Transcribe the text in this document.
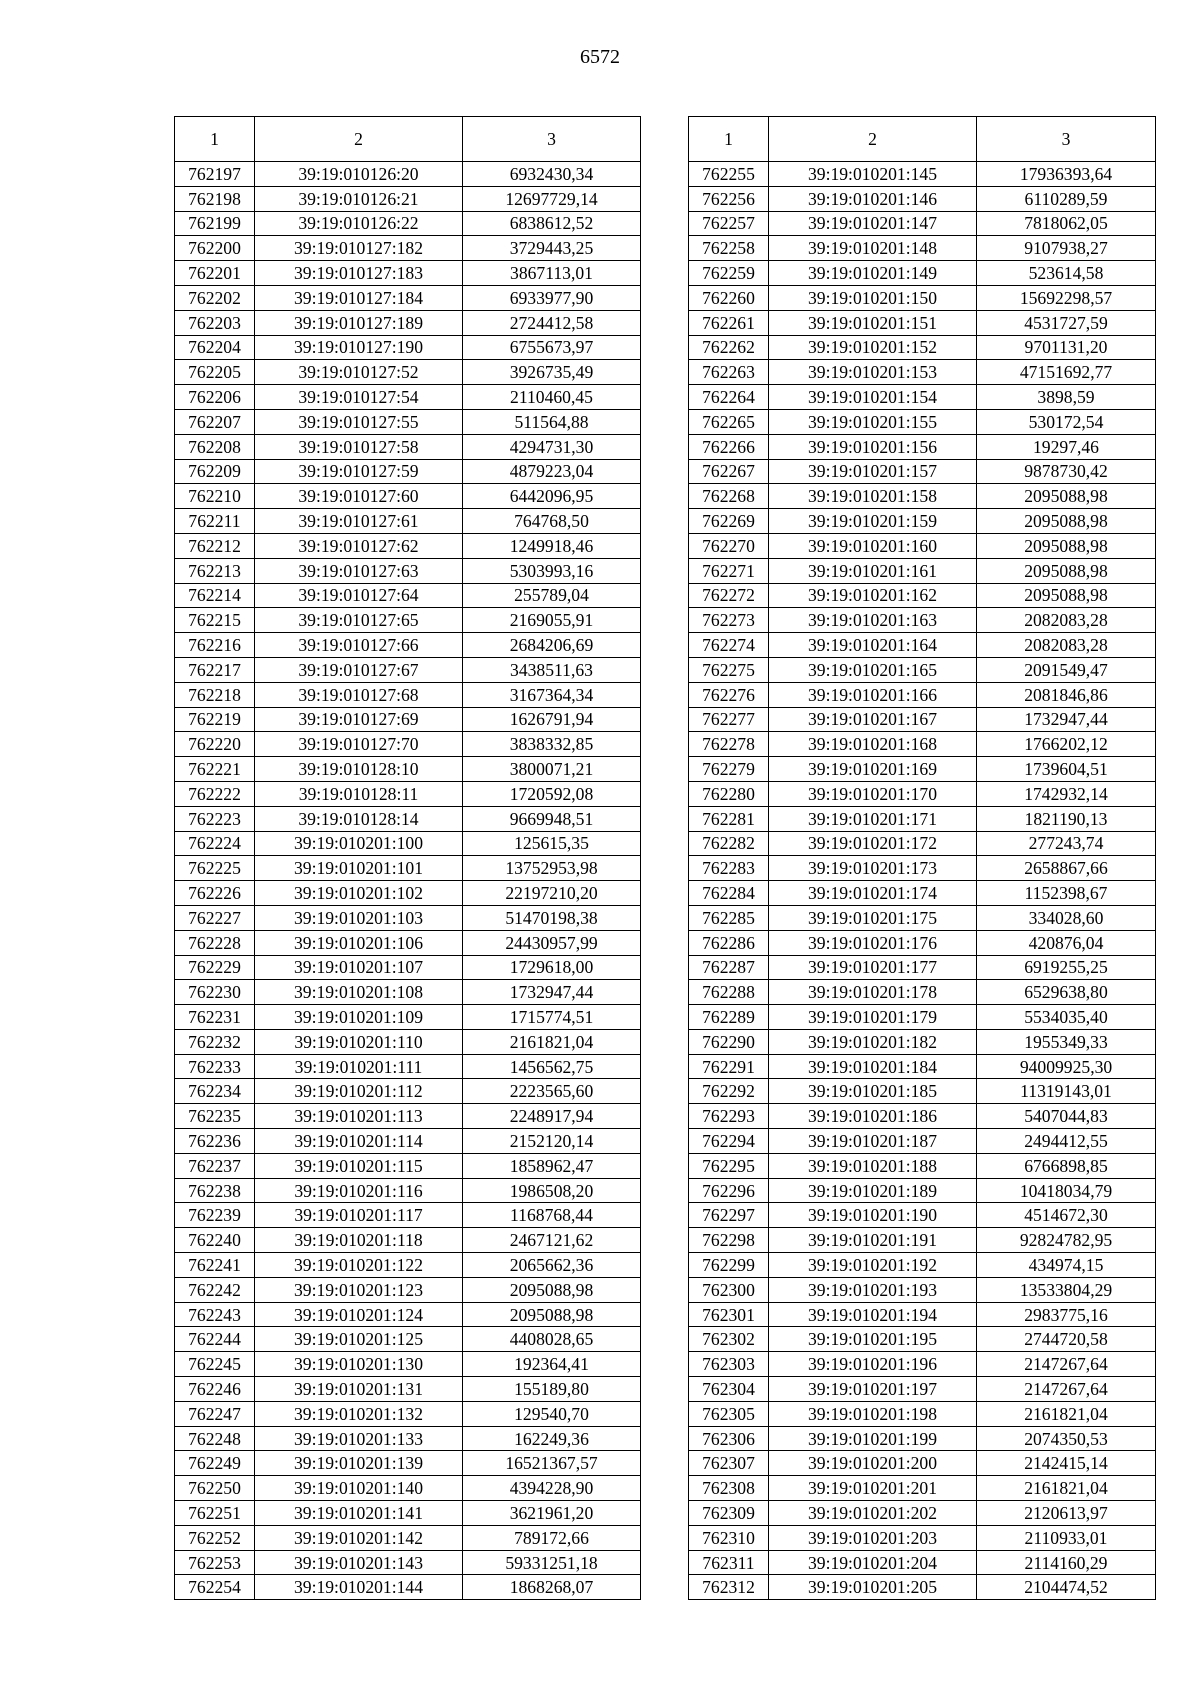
6572
1	2	3
762197	39:19:010126:20	6932430,34
762198	39:19:010126:21	12697729,14
762199	39:19:010126:22	6838612,52
762200	39:19:010127:182	3729443,25
762201	39:19:010127:183	3867113,01
762202	39:19:010127:184	6933977,90
762203	39:19:010127:189	2724412,58
762204	39:19:010127:190	6755673,97
762205	39:19:010127:52	3926735,49
762206	39:19:010127:54	2110460,45
762207	39:19:010127:55	511564,88
762208	39:19:010127:58	4294731,30
762209	39:19:010127:59	4879223,04
762210	39:19:010127:60	6442096,95
762211	39:19:010127:61	764768,50
762212	39:19:010127:62	1249918,46
762213	39:19:010127:63	5303993,16
762214	39:19:010127:64	255789,04
762215	39:19:010127:65	2169055,91
762216	39:19:010127:66	2684206,69
762217	39:19:010127:67	3438511,63
762218	39:19:010127:68	3167364,34
762219	39:19:010127:69	1626791,94
762220	39:19:010127:70	3838332,85
762221	39:19:010128:10	3800071,21
762222	39:19:010128:11	1720592,08
762223	39:19:010128:14	9669948,51
762224	39:19:010201:100	125615,35
762225	39:19:010201:101	13752953,98
762226	39:19:010201:102	22197210,20
762227	39:19:010201:103	51470198,38
762228	39:19:010201:106	24430957,99
762229	39:19:010201:107	1729618,00
762230	39:19:010201:108	1732947,44
762231	39:19:010201:109	1715774,51
762232	39:19:010201:110	2161821,04
762233	39:19:010201:111	1456562,75
762234	39:19:010201:112	2223565,60
762235	39:19:010201:113	2248917,94
762236	39:19:010201:114	2152120,14
762237	39:19:010201:115	1858962,47
762238	39:19:010201:116	1986508,20
762239	39:19:010201:117	1168768,44
762240	39:19:010201:118	2467121,62
762241	39:19:010201:122	2065662,36
762242	39:19:010201:123	2095088,98
762243	39:19:010201:124	2095088,98
762244	39:19:010201:125	4408028,65
762245	39:19:010201:130	192364,41
762246	39:19:010201:131	155189,80
762247	39:19:010201:132	129540,70
762248	39:19:010201:133	162249,36
762249	39:19:010201:139	16521367,57
762250	39:19:010201:140	4394228,90
762251	39:19:010201:141	3621961,20
762252	39:19:010201:142	789172,66
762253	39:19:010201:143	59331251,18
762254	39:19:010201:144	1868268,07
1	2	3
762255	39:19:010201:145	17936393,64
762256	39:19:010201:146	6110289,59
762257	39:19:010201:147	7818062,05
762258	39:19:010201:148	9107938,27
762259	39:19:010201:149	523614,58
762260	39:19:010201:150	15692298,57
762261	39:19:010201:151	4531727,59
762262	39:19:010201:152	9701131,20
762263	39:19:010201:153	47151692,77
762264	39:19:010201:154	3898,59
762265	39:19:010201:155	530172,54
762266	39:19:010201:156	19297,46
762267	39:19:010201:157	9878730,42
762268	39:19:010201:158	2095088,98
762269	39:19:010201:159	2095088,98
762270	39:19:010201:160	2095088,98
762271	39:19:010201:161	2095088,98
762272	39:19:010201:162	2095088,98
762273	39:19:010201:163	2082083,28
762274	39:19:010201:164	2082083,28
762275	39:19:010201:165	2091549,47
762276	39:19:010201:166	2081846,86
762277	39:19:010201:167	1732947,44
762278	39:19:010201:168	1766202,12
762279	39:19:010201:169	1739604,51
762280	39:19:010201:170	1742932,14
762281	39:19:010201:171	1821190,13
762282	39:19:010201:172	277243,74
762283	39:19:010201:173	2658867,66
762284	39:19:010201:174	1152398,67
762285	39:19:010201:175	334028,60
762286	39:19:010201:176	420876,04
762287	39:19:010201:177	6919255,25
762288	39:19:010201:178	6529638,80
762289	39:19:010201:179	5534035,40
762290	39:19:010201:182	1955349,33
762291	39:19:010201:184	94009925,30
762292	39:19:010201:185	11319143,01
762293	39:19:010201:186	5407044,83
762294	39:19:010201:187	2494412,55
762295	39:19:010201:188	6766898,85
762296	39:19:010201:189	10418034,79
762297	39:19:010201:190	4514672,30
762298	39:19:010201:191	92824782,95
762299	39:19:010201:192	434974,15
762300	39:19:010201:193	13533804,29
762301	39:19:010201:194	2983775,16
762302	39:19:010201:195	2744720,58
762303	39:19:010201:196	2147267,64
762304	39:19:010201:197	2147267,64
762305	39:19:010201:198	2161821,04
762306	39:19:010201:199	2074350,53
762307	39:19:010201:200	2142415,14
762308	39:19:010201:201	2161821,04
762309	39:19:010201:202	2120613,97
762310	39:19:010201:203	2110933,01
762311	39:19:010201:204	2114160,29
762312	39:19:010201:205	2104474,52
